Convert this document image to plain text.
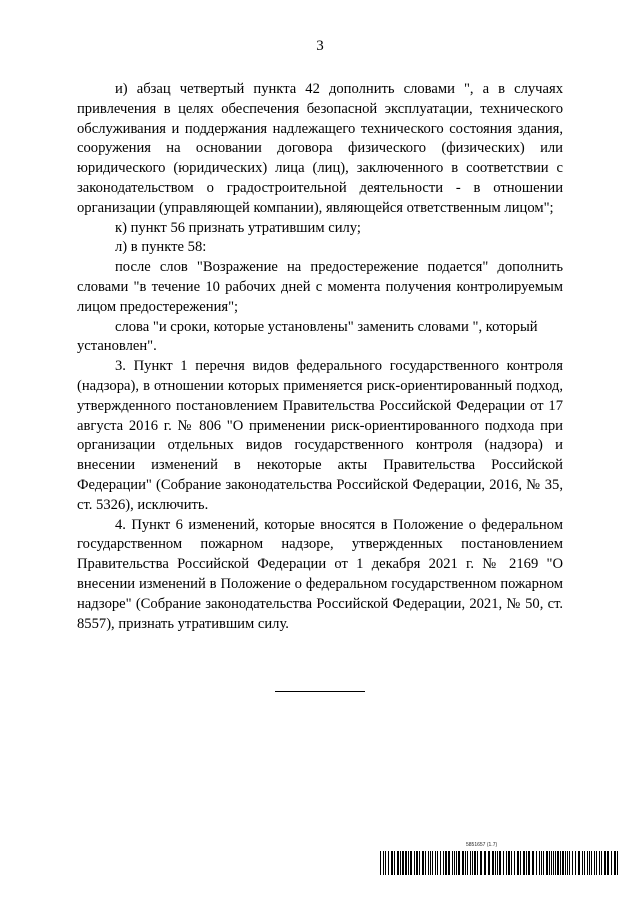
3

и) абзац четвертый пункта 42 дополнить словами ", а в случаях привлечения в целях обеспечения безопасной эксплуатации, технического обслуживания и поддержания надлежащего технического состояния здания, сооружения на основании договора физического (физических) или юридического (юридических) лица (лиц), заключенного в соответствии с законодательством о градостроительной деятельности - в отношении организации (управляющей компании), являющейся ответственным лицом";

к) пункт 56 признать утратившим силу;

л) в пункте 58:

после слов "Возражение на предостережение подается" дополнить словами "в течение 10 рабочих дней с момента получения контролируемым лицом предостережения";

слова "и сроки, которые установлены" заменить словами ", который установлен".

3. Пункт 1 перечня видов федерального государственного контроля (надзора), в отношении которых применяется риск-ориентированный подход, утвержденного постановлением Правительства Российской Федерации от 17 августа 2016 г. № 806 "О применении риск-ориентированного подхода при организации отдельных видов государственного контроля (надзора) и внесении изменений в некоторые акты Правительства Российской Федерации" (Собрание законодательства Российской Федерации, 2016, № 35, ст. 5326), исключить.

4. Пункт 6 изменений, которые вносятся в Положение о федеральном государственном пожарном надзоре, утвержденных постановлением Правительства Российской Федерации от 1 декабря 2021 г. № 2169 "О внесении изменений в Положение о федеральном государственном пожарном надзоре" (Собрание законодательства Российской Федерации, 2021, № 50, ст. 8557), признать утратившим силу.

5851657 (1.7)
